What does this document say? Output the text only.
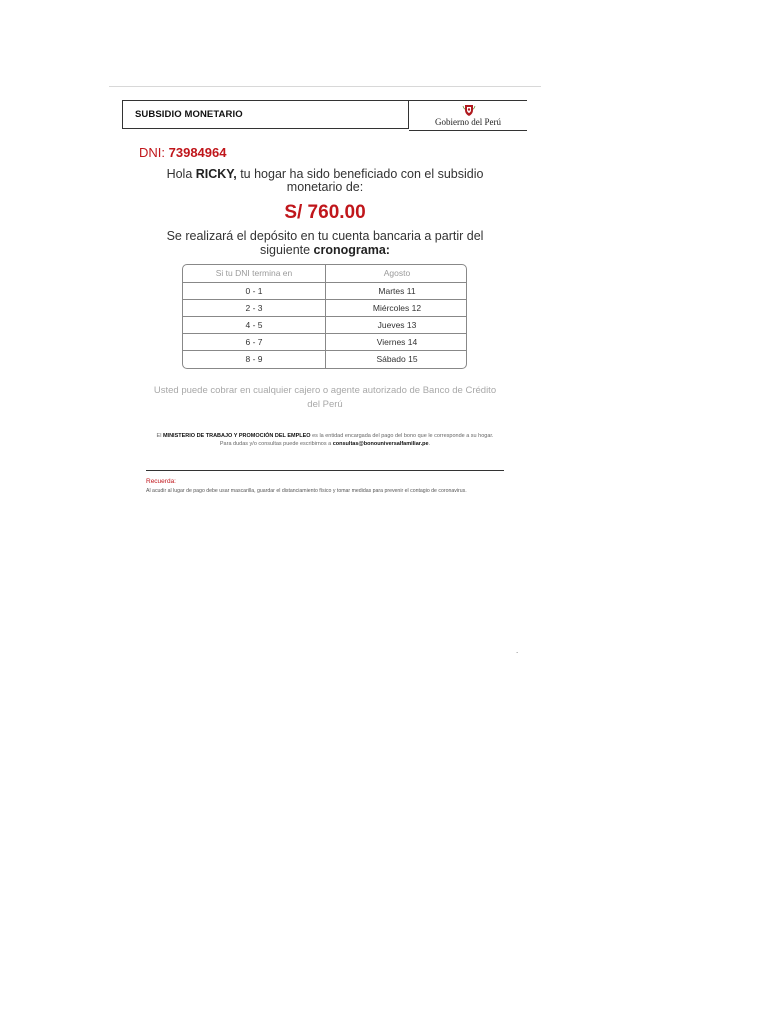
SUBSIDIO MONETARIO
Gobierno del Perú
DNI: 73984964
Hola RICKY, tu hogar ha sido beneficiado con el subsidio monetario de:
S/ 760.00
Se realizará el depósito en tu cuenta bancaria a partir del siguiente cronograma:
Si tu DNI termina en	Agosto
0 - 1	Martes 11
2 - 3	Miércoles 12
4 - 5	Jueves 13
6 - 7	Viernes 14
8 - 9	Sábado 15
Usted puede cobrar en cualquier cajero o agente autorizado de Banco de Crédito del Perú
El MINISTERIO DE TRABAJO Y PROMOCIÓN DEL EMPLEO es la entidad encargada del pago del bono que le corresponde a su hogar.
Para dudas y/o consultas puede escribirnos a consultas@bonouniversalfamiliar.pe.
Recuerda:
Al acudir al lugar de pago debe usar mascarilla, guardar el distanciamiento físico y tomar medidas para prevenir el contagio de coronavirus.
.
